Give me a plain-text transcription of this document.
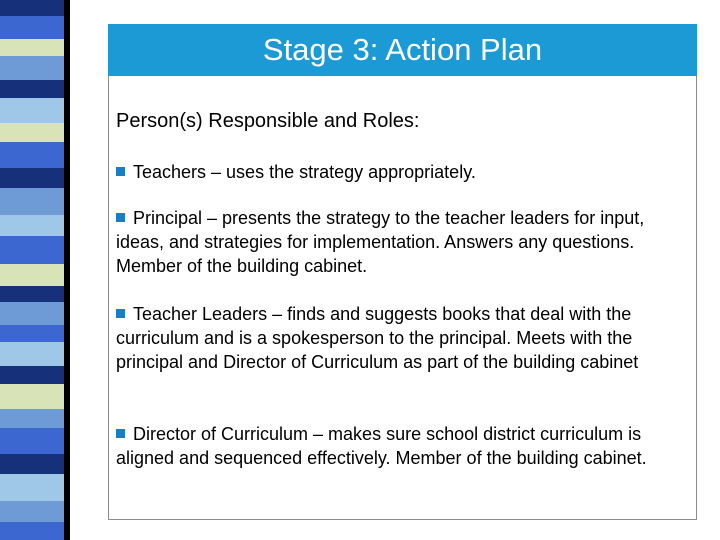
Stage 3: Action Plan
Person(s) Responsible and Roles:
Teachers – uses the strategy appropriately.
Principal – presents the strategy to the teacher leaders for input, ideas, and strategies for implementation. Answers any questions. Member of the building cabinet.
Teacher Leaders – finds and suggests books that deal with the curriculum and is a spokesperson to the principal. Meets with the principal and Director of Curriculum as part of the building cabinet
Director of Curriculum – makes sure school district curriculum is aligned and sequenced effectively. Member of the building cabinet.
